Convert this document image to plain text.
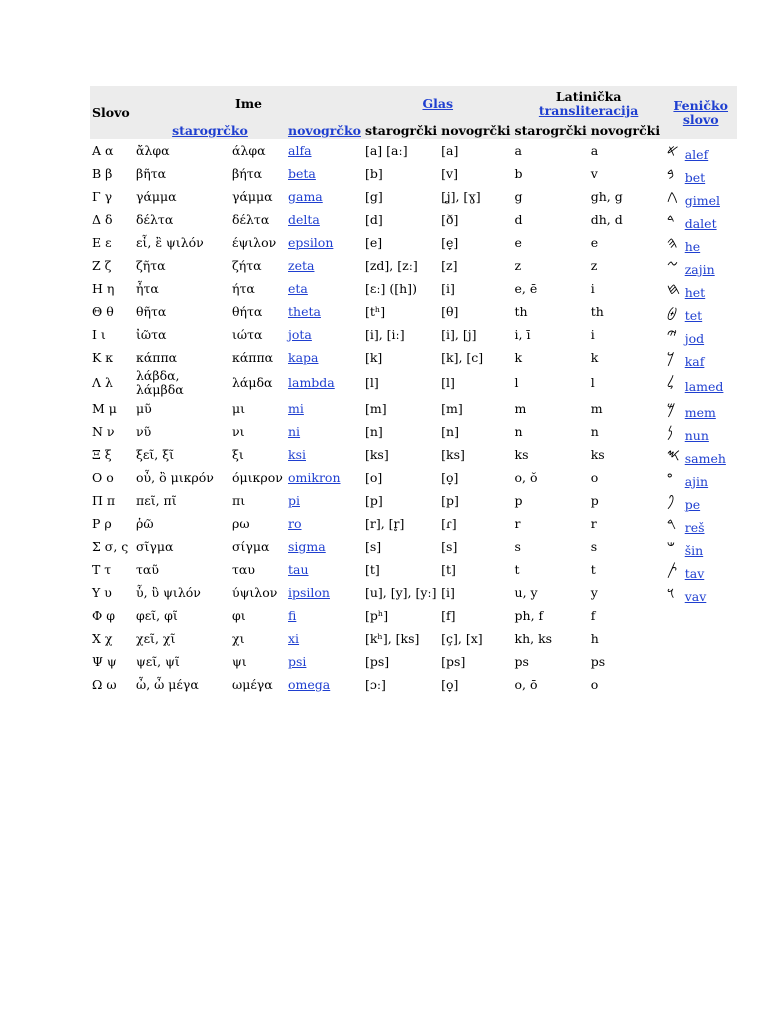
Slovo	Ime			Glas		Latinička
transliteracija		Feničko
slovo
	starogrčko		novogrčko	starogrčki	novogrčki	starogrčki	novogrčki	
Α α	ἄλφα	άλφα	alfa	[a] [aː]	[a]	a	a	𐤀 alef

Β β	βῆτα	βήτα	beta	[b]	[v]	b	v	𐤁 bet

Γ γ	γάμμα	γάμμα	gama	[g]	[ʝ], [ɣ]	g	gh, g	𐤂 gimel

Δ δ	δέλτα	δέλτα	delta	[d]	[ð]	d	dh, d	𐤃 dalet

Ε ε	εἶ, ἒ ψιλόν	έψιλον	epsilon	[e]	[e̞]	e	e	𐤄 he

Ζ ζ	ζῆτα	ζήτα	zeta	[zd], [zː]	[z]	z	z	𐤆 zajin

Η η	ἦτα	ήτα	eta	[ɛː] ([h])	[i]	e, ē	i	𐤇 het

Θ θ	θῆτα	θήτα	theta	[tʰ]	[θ]	th	th	𐤈 tet

Ι ι	ἰῶτα	ιώτα	jota	[i], [iː]	[i], [j]	i, ī	i	𐤉 jod

Κ κ	κάππα	κάππα	kapa	[k]	[k], [c]	k	k	𐤊 kaf

Λ λ	λάβδα, λάμβδα	λάμδα	lambda	[l]	[l]	l	l	𐤋 lamed

Μ μ	μῦ	μι	mi	[m]	[m]	m	m	𐤌 mem

Ν ν	νῦ	νι	ni	[n]	[n]	n	n	𐤍 nun

Ξ ξ	ξεῖ, ξῖ	ξι	ksi	[ks]	[ks]	ks	ks	𐤎 sameh

Ο ο	οὖ, ὂ μικρόν	όμικρον	omikron	[o]	[o̞]	o, ŏ	o	𐤏 ajin

Π π	πεῖ, πῖ	πι	pi	[p]	[p]	p	p	𐤐 pe

Ρ ρ	ῥῶ	ρω	ro	[r], [r̥]	[ɾ]	r	r	𐤓 reš

Σ σ, ς	σῖγμα	σίγμα	sigma	[s]	[s]	s	s	𐤔 šin

Τ τ	ταῦ	ταυ	tau	[t]	[t]	t	t	𐤕 tav

Υ υ	ὗ, ὓ ψιλόν	ύψιλον	ipsilon	[u], [y], [yː]	[i]	u, y	y	𐤅 vav

Φ φ	φεῖ, φῖ	φι	fi	[pʰ]	[f]	ph, f	f	

Χ χ	χεῖ, χῖ	χι	xi	[kʰ], [ks]	[ç], [x]	kh, ks	h	

Ψ ψ	ψεῖ, ψῖ	ψι	psi	[ps]	[ps]	ps	ps	

Ω ω	ὦ, ὦ μέγα	ωμέγα	omega	[ɔː]	[o̞]	o, ō	o	
